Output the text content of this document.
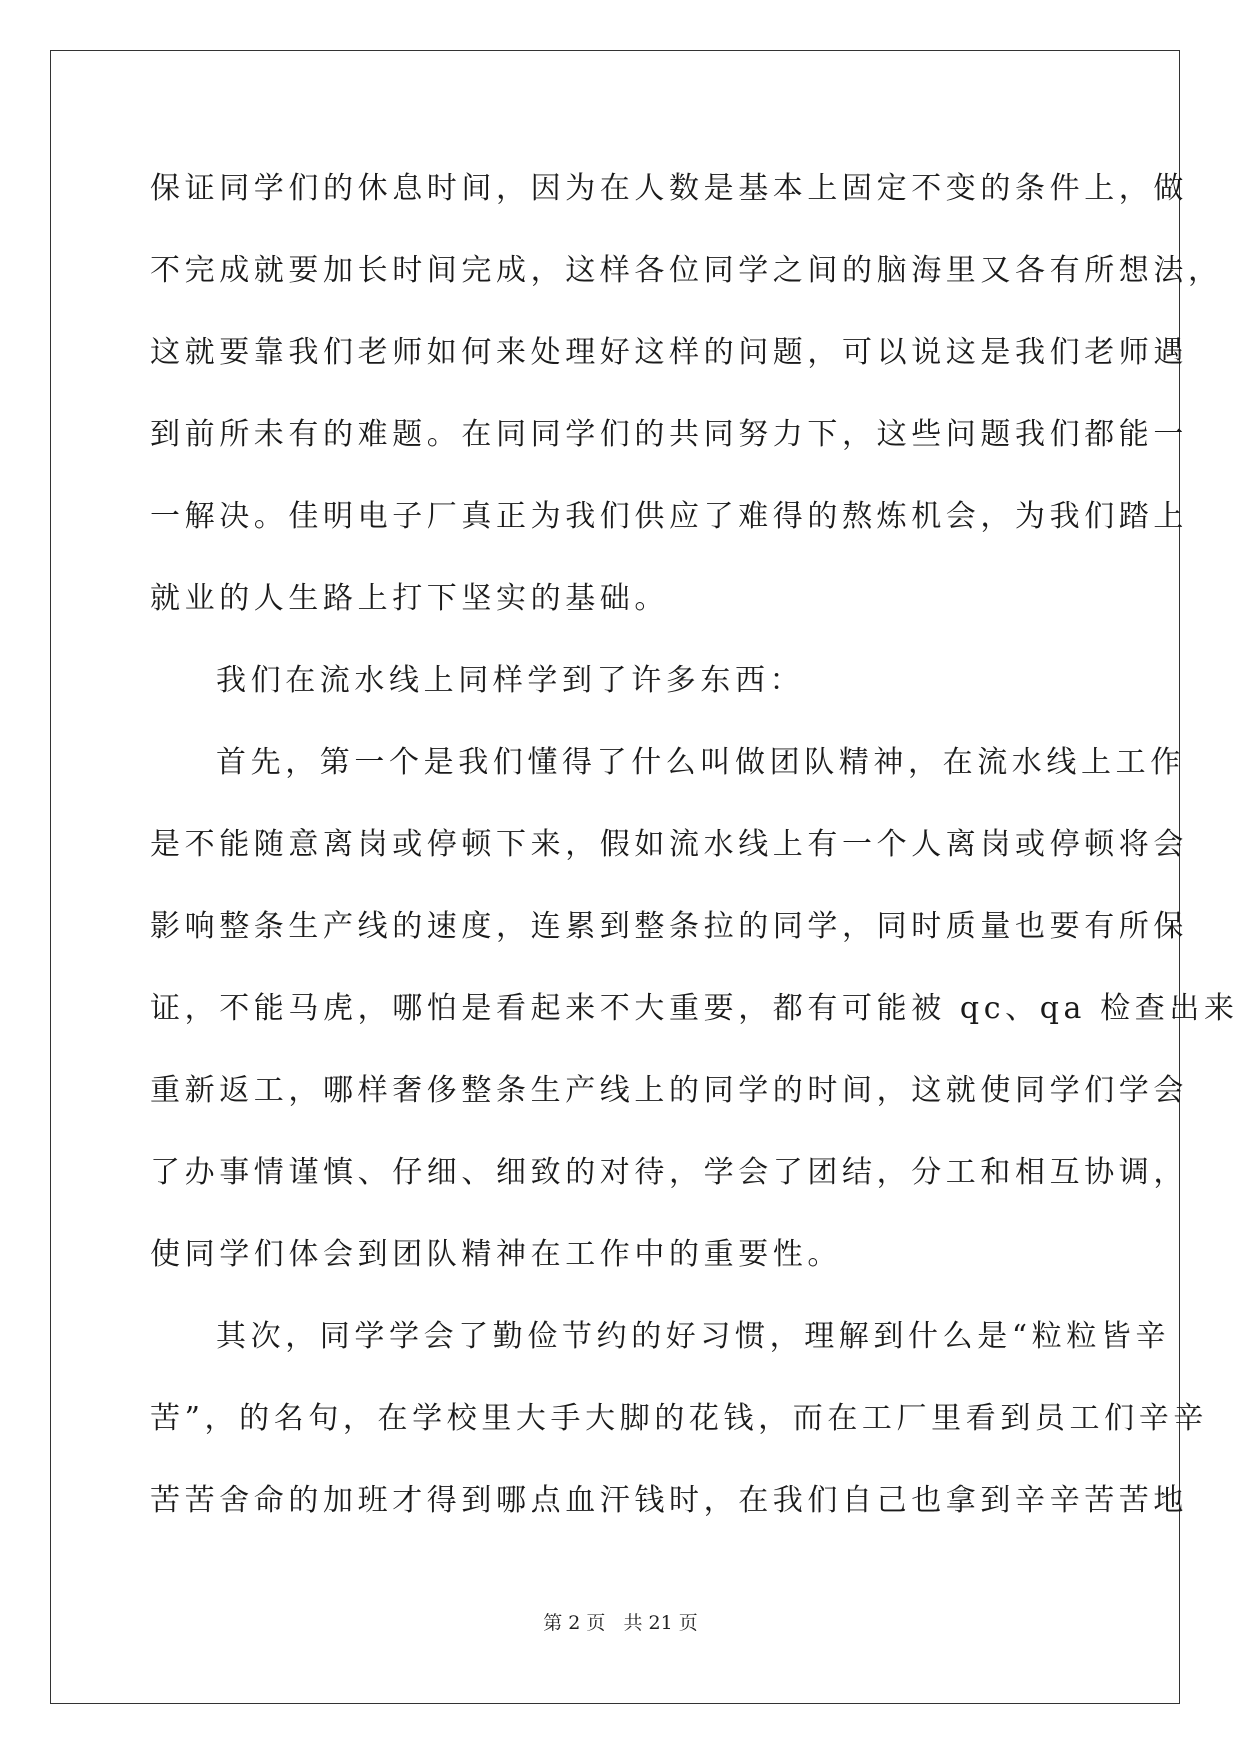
保证同学们的休息时间，因为在人数是基本上固定不变的条件上，做
不完成就要加长时间完成，这样各位同学之间的脑海里又各有所想法，
这就要靠我们老师如何来处理好这样的问题，可以说这是我们老师遇
到前所未有的难题。在同同学们的共同努力下，这些问题我们都能一
一解决。佳明电子厂真正为我们供应了难得的熬炼机会，为我们踏上
就业的人生路上打下坚实的基础。
我们在流水线上同样学到了许多东西：
首先，第一个是我们懂得了什么叫做团队精神，在流水线上工作
是不能随意离岗或停顿下来，假如流水线上有一个人离岗或停顿将会
影响整条生产线的速度，连累到整条拉的同学，同时质量也要有所保
证，不能马虎，哪怕是看起来不大重要，都有可能被 qc、qa 检查出来
重新返工，哪样奢侈整条生产线上的同学的时间，这就使同学们学会
了办事情谨慎、仔细、细致的对待，学会了团结，分工和相互协调，
使同学们体会到团队精神在工作中的重要性。
其次，同学学会了勤俭节约的好习惯，理解到什么是“粒粒皆辛
苦”，的名句，在学校里大手大脚的花钱，而在工厂里看到员工们辛辛
苦苦舍命的加班才得到哪点血汗钱时，在我们自己也拿到辛辛苦苦地
第 2 页 共 21 页
